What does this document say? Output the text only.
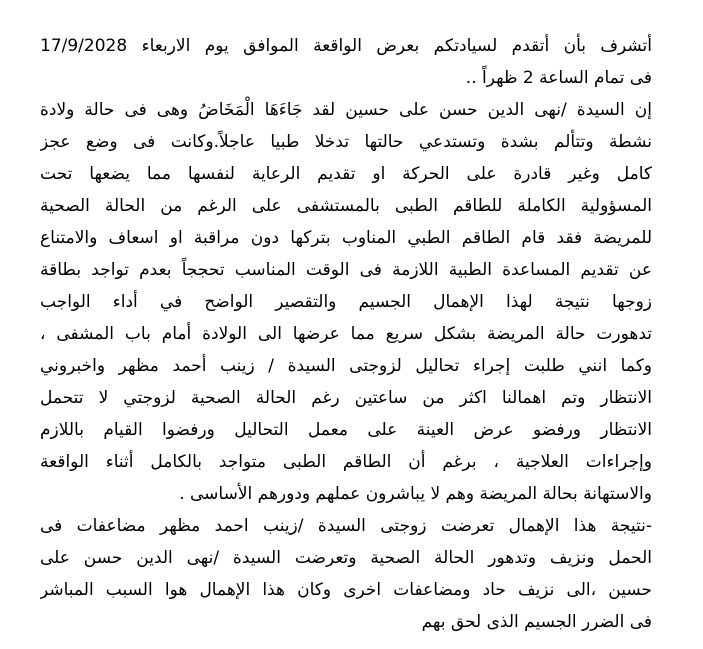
أتشرف بأن أتقدم لسيادتكم بعرض الواقعة الموافق يوم الاربعاء 17/9/2028
فى تمام الساعة 2 ظهراً ..
إن السيدة /نهى الدين حسن على حسين لقد جَاءَهَا الْمَخَاضُ وهى فى حالة ولادة
نشطة وتتألم بشدة وتستدعي حالتها تدخلا طبيا عاجلاً.وكانت فى وضع عجز
كامل وغير قادرة على الحركة او تقديم الرعاية لنفسها مما يضعها تحت
المسؤولية الكاملة للطاقم الطبى بالمستشفى على الرغم من الحالة الصحية
للمريضة فقد قام الطاقم الطبي المناوب بتركها دون مراقبة او اسعاف والامتناع
عن تقديم المساعدة الطبية اللازمة فى الوقت المناسب تحججاً بعدم تواجد بطاقة
زوجها نتيجة لهذا الإهمال الجسيم والتقصير الواضح في أداء الواجب
تدهورت حالة المريضة بشكل سريع مما عرضها الى الولادة أمام باب المشفى ،
وكما انني طلبت إجراء تحاليل لزوجتى السيدة / زينب أحمد مظهر واخبروني
الانتظار وتم اهمالنا اكثر من ساعتين رغم الحالة الصحية لزوجتي لا تتحمل
الانتظار ورفضو عرض العينة على معمل التحاليل ورفضوا القيام باللازم
وإجراءات العلاجية ، برغم أن الطاقم الطبى متواجد بالكامل أثناء الواقعة
والاستهانة بحالة المريضة وهم لا يباشرون عملهم ودورهم الأساسى .
-نتيجة هذا الإهمال تعرضت زوجتى السيدة /زينب احمد مظهر مضاعفات فى
الحمل ونزيف وتدهور الحالة الصحية وتعرضت السيدة /نهى الدين حسن على
حسين ،الى نزيف حاد ومضاعفات اخرى وكان هذا الإهمال هوا السبب المباشر
فى الضرر الجسيم الذى لحق بهم
